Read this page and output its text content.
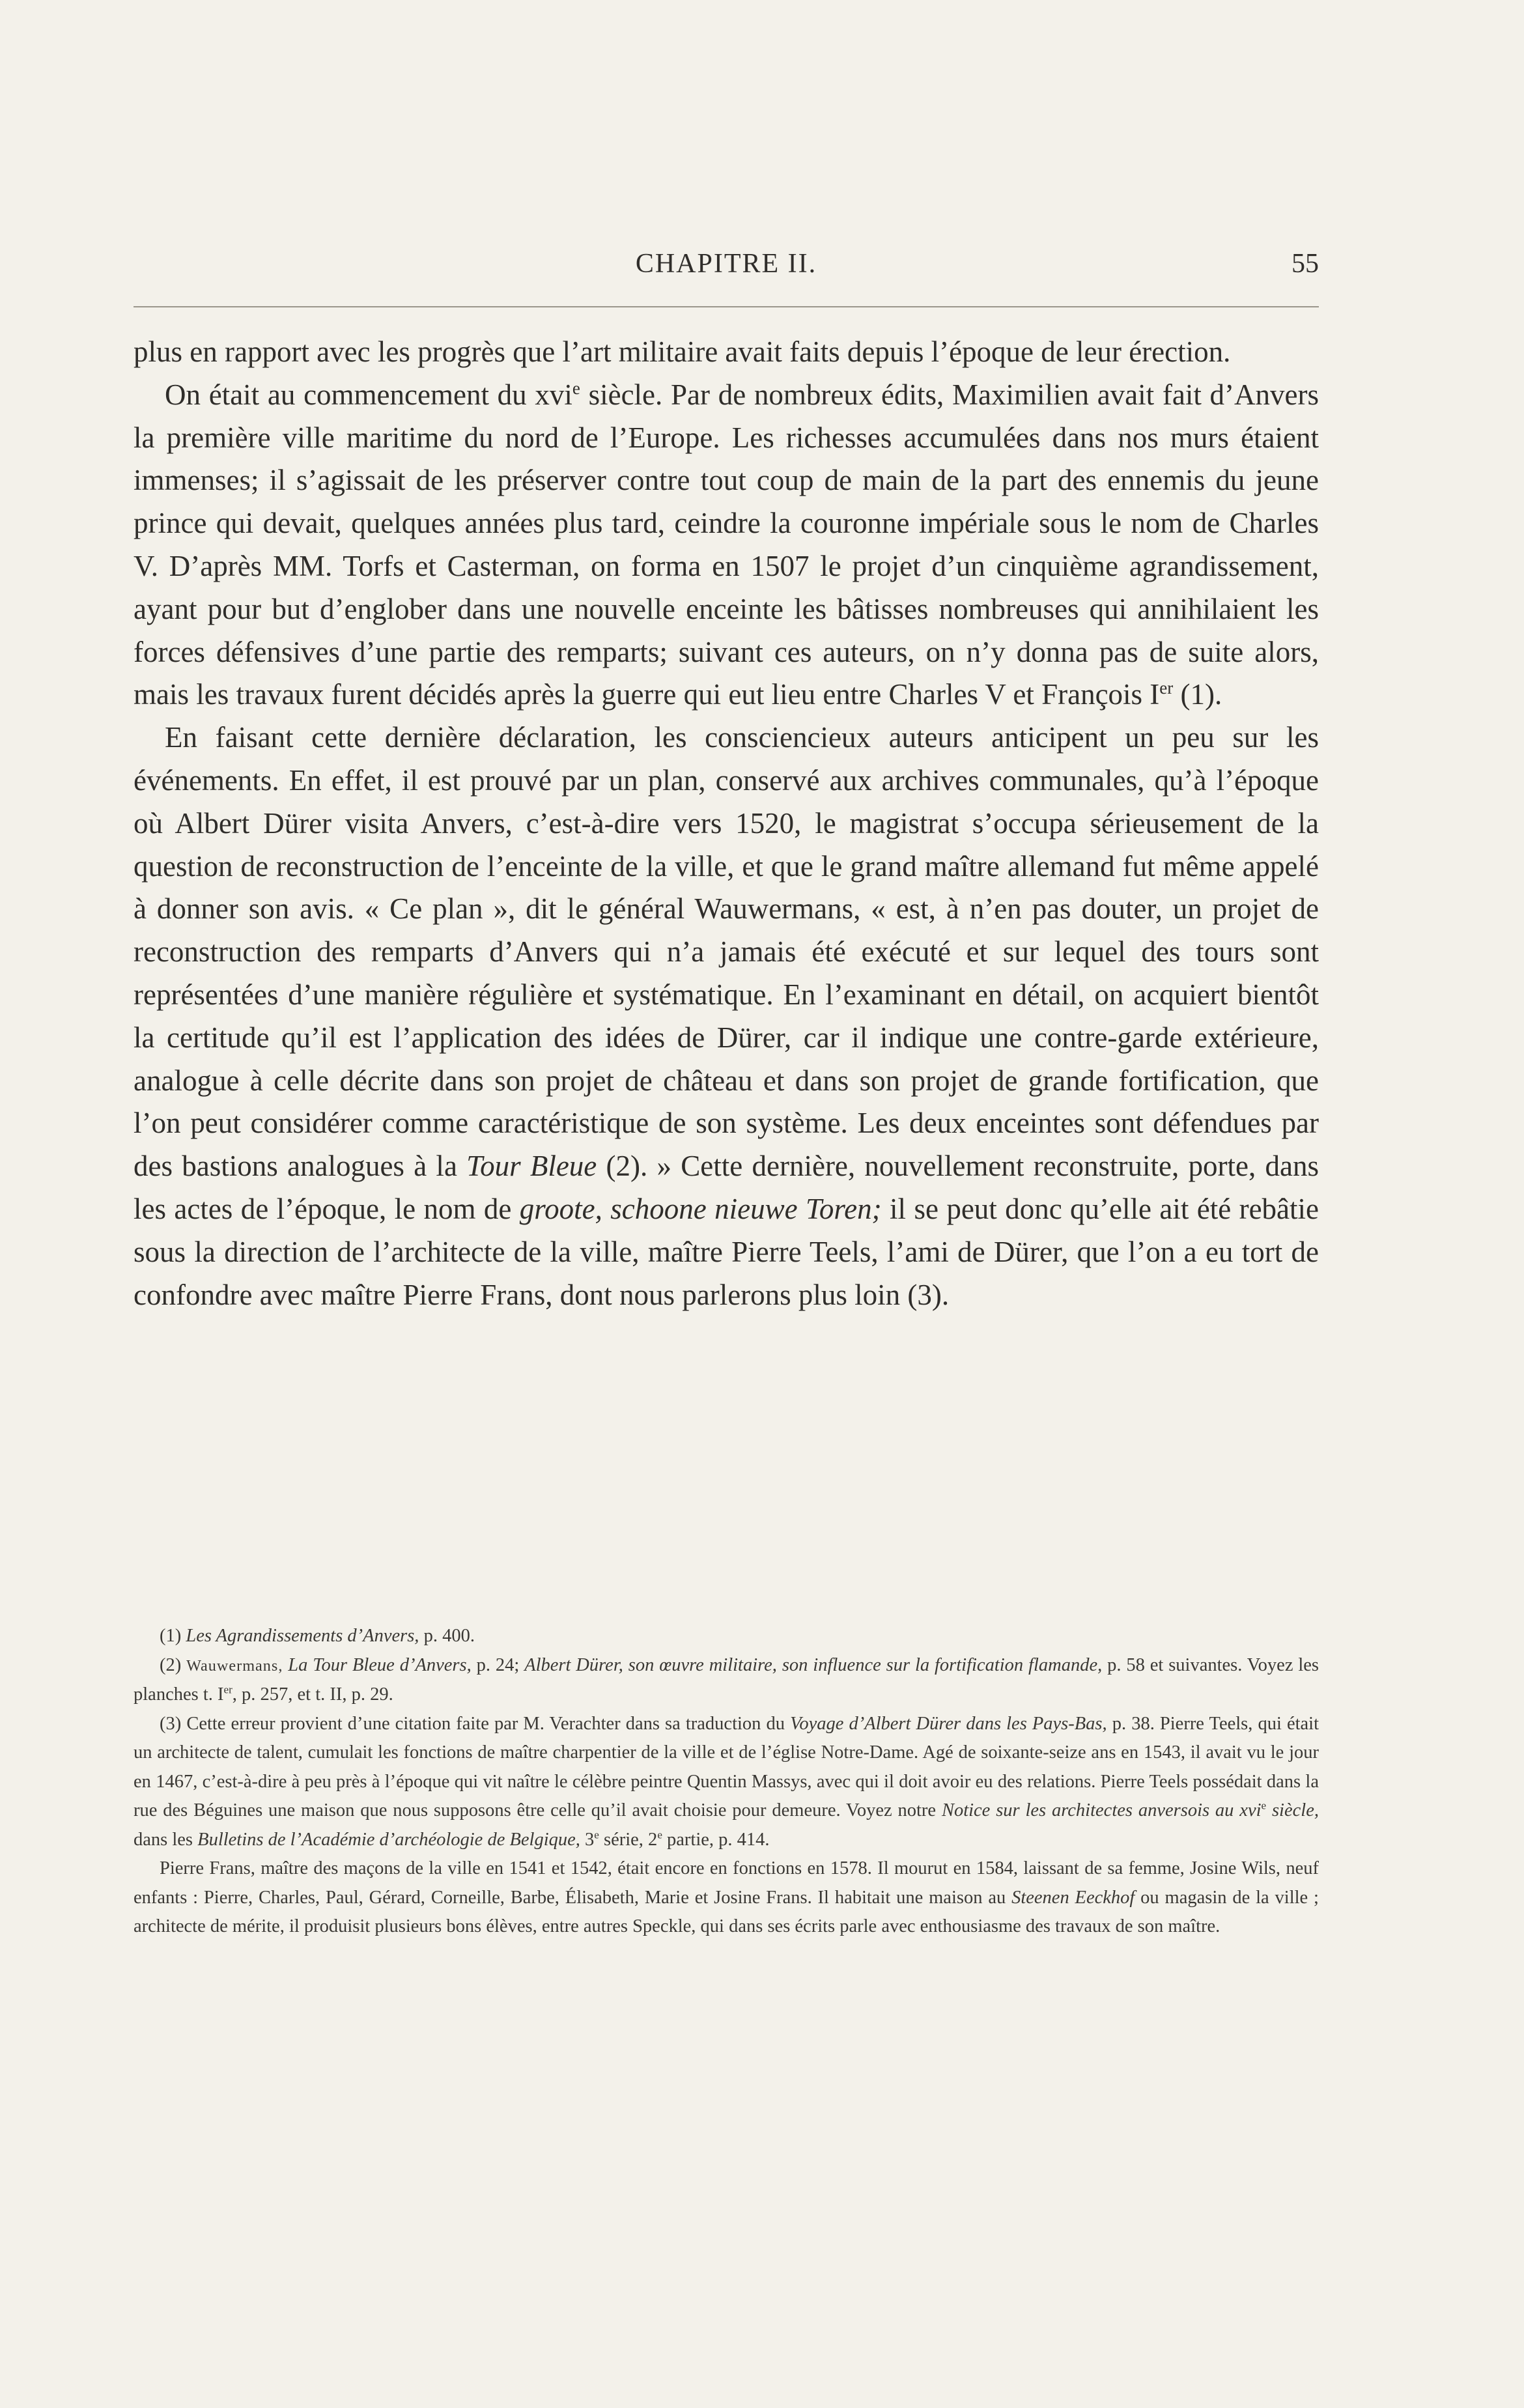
CHAPITRE II.	55

plus en rapport avec les progrès que l’art militaire avait faits depuis l’époque de leur érection.

On était au commencement du xvi$^e$ siècle. Par de nombreux édits, Maximilien avait fait d’Anvers la première ville maritime du nord de l’Europe. Les richesses accumulées dans nos murs étaient immenses; il s’agissait de les préserver contre tout coup de main de la part des ennemis du jeune prince qui devait, quelques années plus tard, ceindre la couronne impériale sous le nom de Charles V. D’après MM. Torfs et Casterman, on forma en 1507 le projet d’un cinquième agrandissement, ayant pour but d’englober dans une nouvelle enceinte les bâtisses nombreuses qui annihilaient les forces défensives d’une partie des remparts; suivant ces auteurs, on n’y donna pas de suite alors, mais les travaux furent décidés après la guerre qui eut lieu entre Charles V et François Ier (1).

En faisant cette dernière déclaration, les consciencieux auteurs anticipent un peu sur les événements. En effet, il est prouvé par un plan, conservé aux archives communales, qu’à l’époque où Albert Dürer visita Anvers, c’est-à-dire vers 1520, le magistrat s’occupa sérieusement de la question de reconstruction de l’enceinte de la ville, et que le grand maître allemand fut même appelé à donner son avis. « Ce plan », dit le général Wauwermans, « est, à n’en pas douter, un projet de reconstruction des remparts d’Anvers qui n’a jamais été exécuté et sur lequel des tours sont représentées d’une manière régulière et systématique. En l’examinant en détail, on acquiert bientôt la certitude qu’il est l’application des idées de Dürer, car il indique une contre-garde extérieure, analogue à celle décrite dans son projet de château et dans son projet de grande fortification, que l’on peut considérer comme caractéristique de son système. Les deux enceintes sont défendues par des bastions analogues à la Tour Bleue (2). » Cette dernière, nouvellement reconstruite, porte, dans les actes de l’époque, le nom de groote, schoone nieuwe Toren; il se peut donc qu’elle ait été rebâtie sous la direction de l’architecte de la ville, maître Pierre Teels, l’ami de Dürer, que l’on a eu tort de confondre avec maître Pierre Frans, dont nous parlerons plus loin (3).

(1) Les Agrandissements d’Anvers, p. 400.

(2) Wauwermans, La Tour Bleue d’Anvers, p. 24; Albert Dürer, son œuvre militaire, son influence sur la fortification flamande, p. 58 et suivantes. Voyez les planches t. Ier, p. 257, et t. II, p. 29.

(3) Cette erreur provient d’une citation faite par M. Verachter dans sa traduction du Voyage d’Albert Dürer dans les Pays-Bas, p. 38. Pierre Teels, qui était un architecte de talent, cumulait les fonctions de maître charpentier de la ville et de l’église Notre-Dame. Agé de soixante-seize ans en 1543, il avait vu le jour en 1467, c’est-à-dire à peu près à l’époque qui vit naître le célèbre peintre Quentin Massys, avec qui il doit avoir eu des relations. Pierre Teels possédait dans la rue des Béguines une maison que nous supposons être celle qu’il avait choisie pour demeure. Voyez notre Notice sur les architectes anversois au xvi$^e$ siècle, dans les Bulletins de l’Académie d’archéologie de Belgique, 3e série, 2e partie, p. 414.

Pierre Frans, maître des maçons de la ville en 1541 et 1542, était encore en fonctions en 1578. Il mourut en 1584, laissant de sa femme, Josine Wils, neuf enfants : Pierre, Charles, Paul, Gérard, Corneille, Barbe, Élisabeth, Marie et Josine Frans. Il habitait une maison au Steenen Eeckhof ou magasin de la ville ; architecte de mérite, il produisit plusieurs bons élèves, entre autres Speckle, qui dans ses écrits parle avec enthousiasme des travaux de son maître.
